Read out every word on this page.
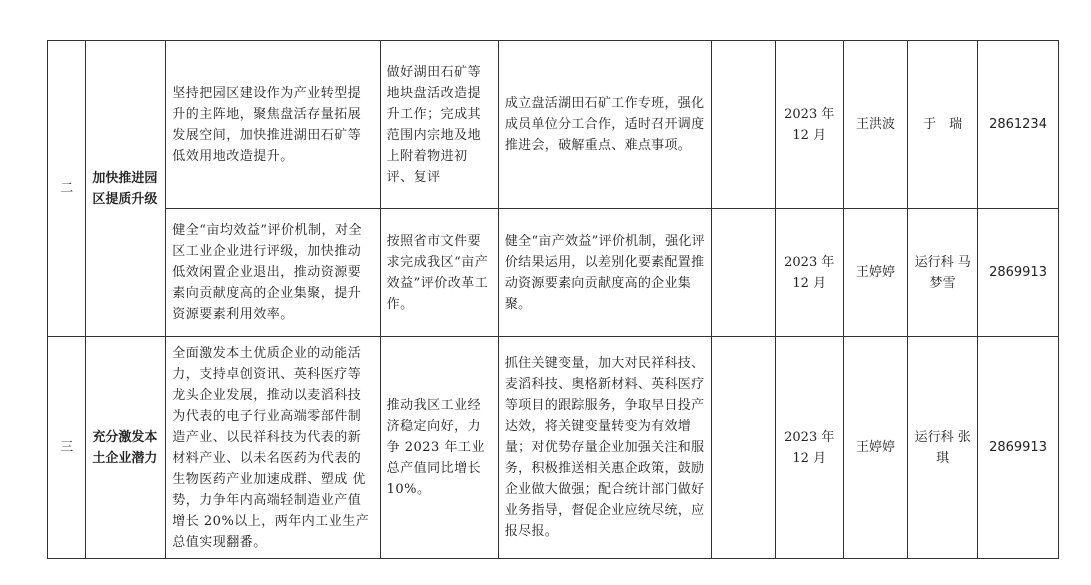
二	加快推进园区提质升级	坚持把园区建设作为产业转型提升的主阵地，聚焦盘活存量拓展发展空间，加快推进湖田石矿等低效用地改造提升。	做好湖田石矿等地块盘活改造提升工作；完成其范围内宗地及地上附着物进初评、复评	成立盘活湖田石矿工作专班，强化成员单位分工合作，适时召开调度推进会，破解重点、难点事项。		2023 年 12 月	王洪波	于　瑞	2861234
		健全“亩均效益”评价机制，对全区工业企业进行评级，加快推动低效闲置企业退出，推动资源要素向贡献度高的企业集聚，提升资源要素利用效率。	按照省市文件要求完成我区“亩产效益”评价改革工作。	健全“亩产效益”评价机制，强化评价结果运用，以差别化要素配置推动资源要素向贡献度高的企业集聚。		2023 年 12 月	王婷婷	运行科 马梦雪	2869913
三	充分激发本土企业潜力	全面激发本土优质企业的动能活力，支持卓创资讯、英科医疗等龙头企业发展，推动以麦滔科技为代表的电子行业高端零部件制造产业、以民祥科技为代表的新材料产业、以未名医药为代表的生物医药产业加速成群、塑成 优势，力争年内高端轻制造业产值增长 20%以上，两年内工业生产总值实现翻番。	推动我区工业经济稳定向好，力争 2023 年工业总产值同比增长 10%。	抓住关键变量，加大对民祥科技、麦滔科技、奥格新材料、英科医疗等项目的跟踪服务，争取早日投产达效，将关键变量转变为有效增量；对优势存量企业加强关注和服务，积极推送相关惠企政策，鼓励企业做大做强；配合统计部门做好业务指导，督促企业应统尽统，应报尽报。		2023 年 12 月	王婷婷	运行科 张　琪	2869913
